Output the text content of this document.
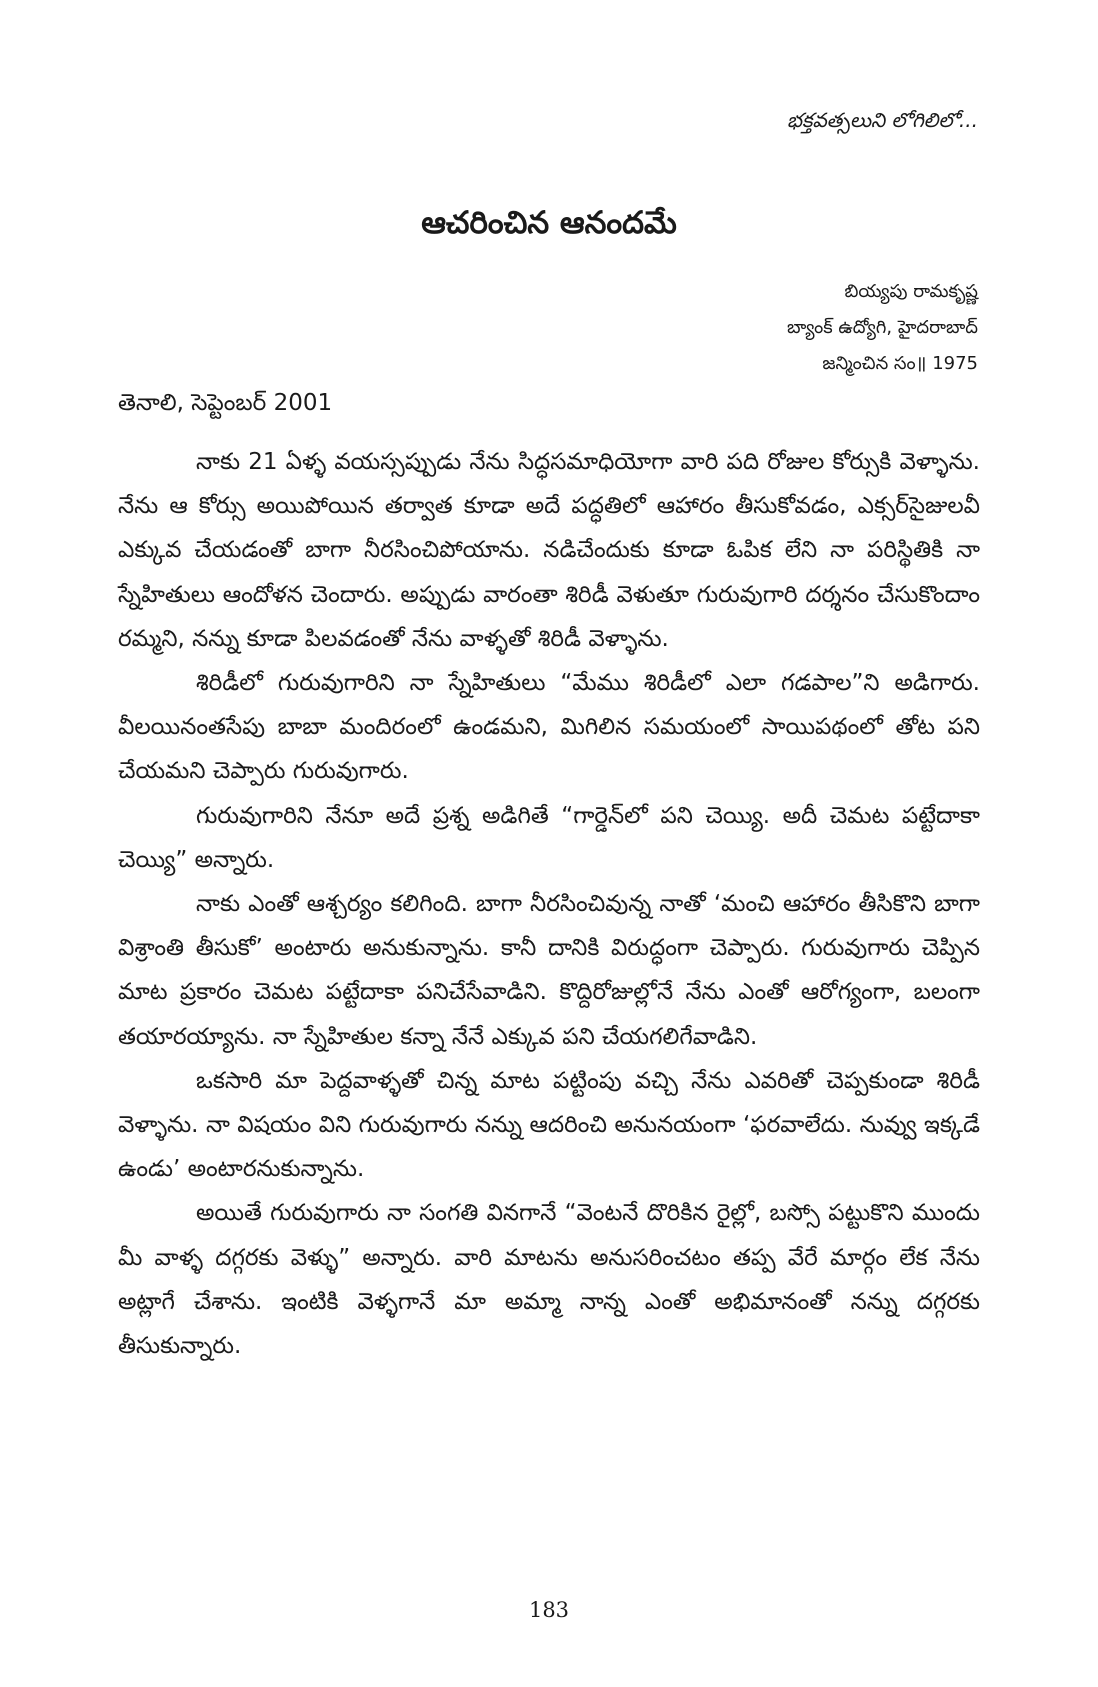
భక్తవత్సలుని లోగిలిలో...
ఆచరించిన ఆనందమే
బియ్యపు రామకృష్ణ
బ్యాంక్ ఉద్యోగి, హైదరాబాద్
జన్మించిన సం॥ 1975
తెనాలి, సెప్టెంబర్ 2001

నాకు 21 ఏళ్ళ వయస్సప్పుడు నేను సిద్ధసమాధియోగా వారి పది రోజుల కోర్సుకి వెళ్ళాను. నేను ఆ కోర్సు అయిపోయిన తర్వాత కూడా అదే పద్ధతిలో ఆహారం తీసుకోవడం, ఎక్సర్‌సైజులవీ ఎక్కువ చేయడంతో బాగా నీరసించిపోయాను. నడిచేందుకు కూడా ఓపిక లేని నా పరిస్థితికి నా స్నేహితులు ఆందోళన చెందారు. అప్పుడు వారంతా శిరిడీ వెళుతూ గురువుగారి దర్శనం చేసుకొందాం రమ్మని, నన్ను కూడా పిలవడంతో నేను వాళ్ళతో శిరిడీ వెళ్ళాను.

శిరిడీలో గురువుగారిని నా స్నేహితులు “మేము శిరిడీలో ఎలా గడపాల”ని అడిగారు. వీలయినంతసేపు బాబా మందిరంలో ఉండమని, మిగిలిన సమయంలో సాయిపథంలో తోట పని చేయమని చెప్పారు గురువుగారు.

గురువుగారిని నేనూ అదే ప్రశ్న అడిగితే “గార్డెన్‌లో పని చెయ్యి. అదీ చెమట పట్టేదాకా చెయ్యి” అన్నారు.

నాకు ఎంతో ఆశ్చర్యం కలిగింది. బాగా నీరసించివున్న నాతో ‘మంచి ఆహారం తీసికొని బాగా విశ్రాంతి తీసుకో’ అంటారు అనుకున్నాను. కానీ దానికి విరుద్ధంగా చెప్పారు. గురువుగారు చెప్పిన మాట ప్రకారం చెమట పట్టేదాకా పనిచేసేవాడిని. కొద్దిరోజుల్లోనే నేను ఎంతో ఆరోగ్యంగా, బలంగా తయారయ్యాను. నా స్నేహితుల కన్నా నేనే ఎక్కువ పని చేయగలిగేవాడిని.

ఒకసారి మా పెద్దవాళ్ళతో చిన్న మాట పట్టింపు వచ్చి నేను ఎవరితో చెప్పకుండా శిరిడీ వెళ్ళాను. నా విషయం విని గురువుగారు నన్ను ఆదరించి అనునయంగా ‘ఫరవాలేదు. నువ్వు ఇక్కడే ఉండు’ అంటారనుకున్నాను.

అయితే గురువుగారు నా సంగతి వినగానే “వెంటనే దొరికిన రైల్లో, బస్సో పట్టుకొని ముందు మీ వాళ్ళ దగ్గరకు వెళ్ళు” అన్నారు. వారి మాటను అనుసరించటం తప్ప వేరే మార్గం లేక నేను అట్లాగే చేశాను. ఇంటికి వెళ్ళగానే మా అమ్మా నాన్న ఎంతో అభిమానంతో నన్ను దగ్గరకు తీసుకున్నారు.

183
